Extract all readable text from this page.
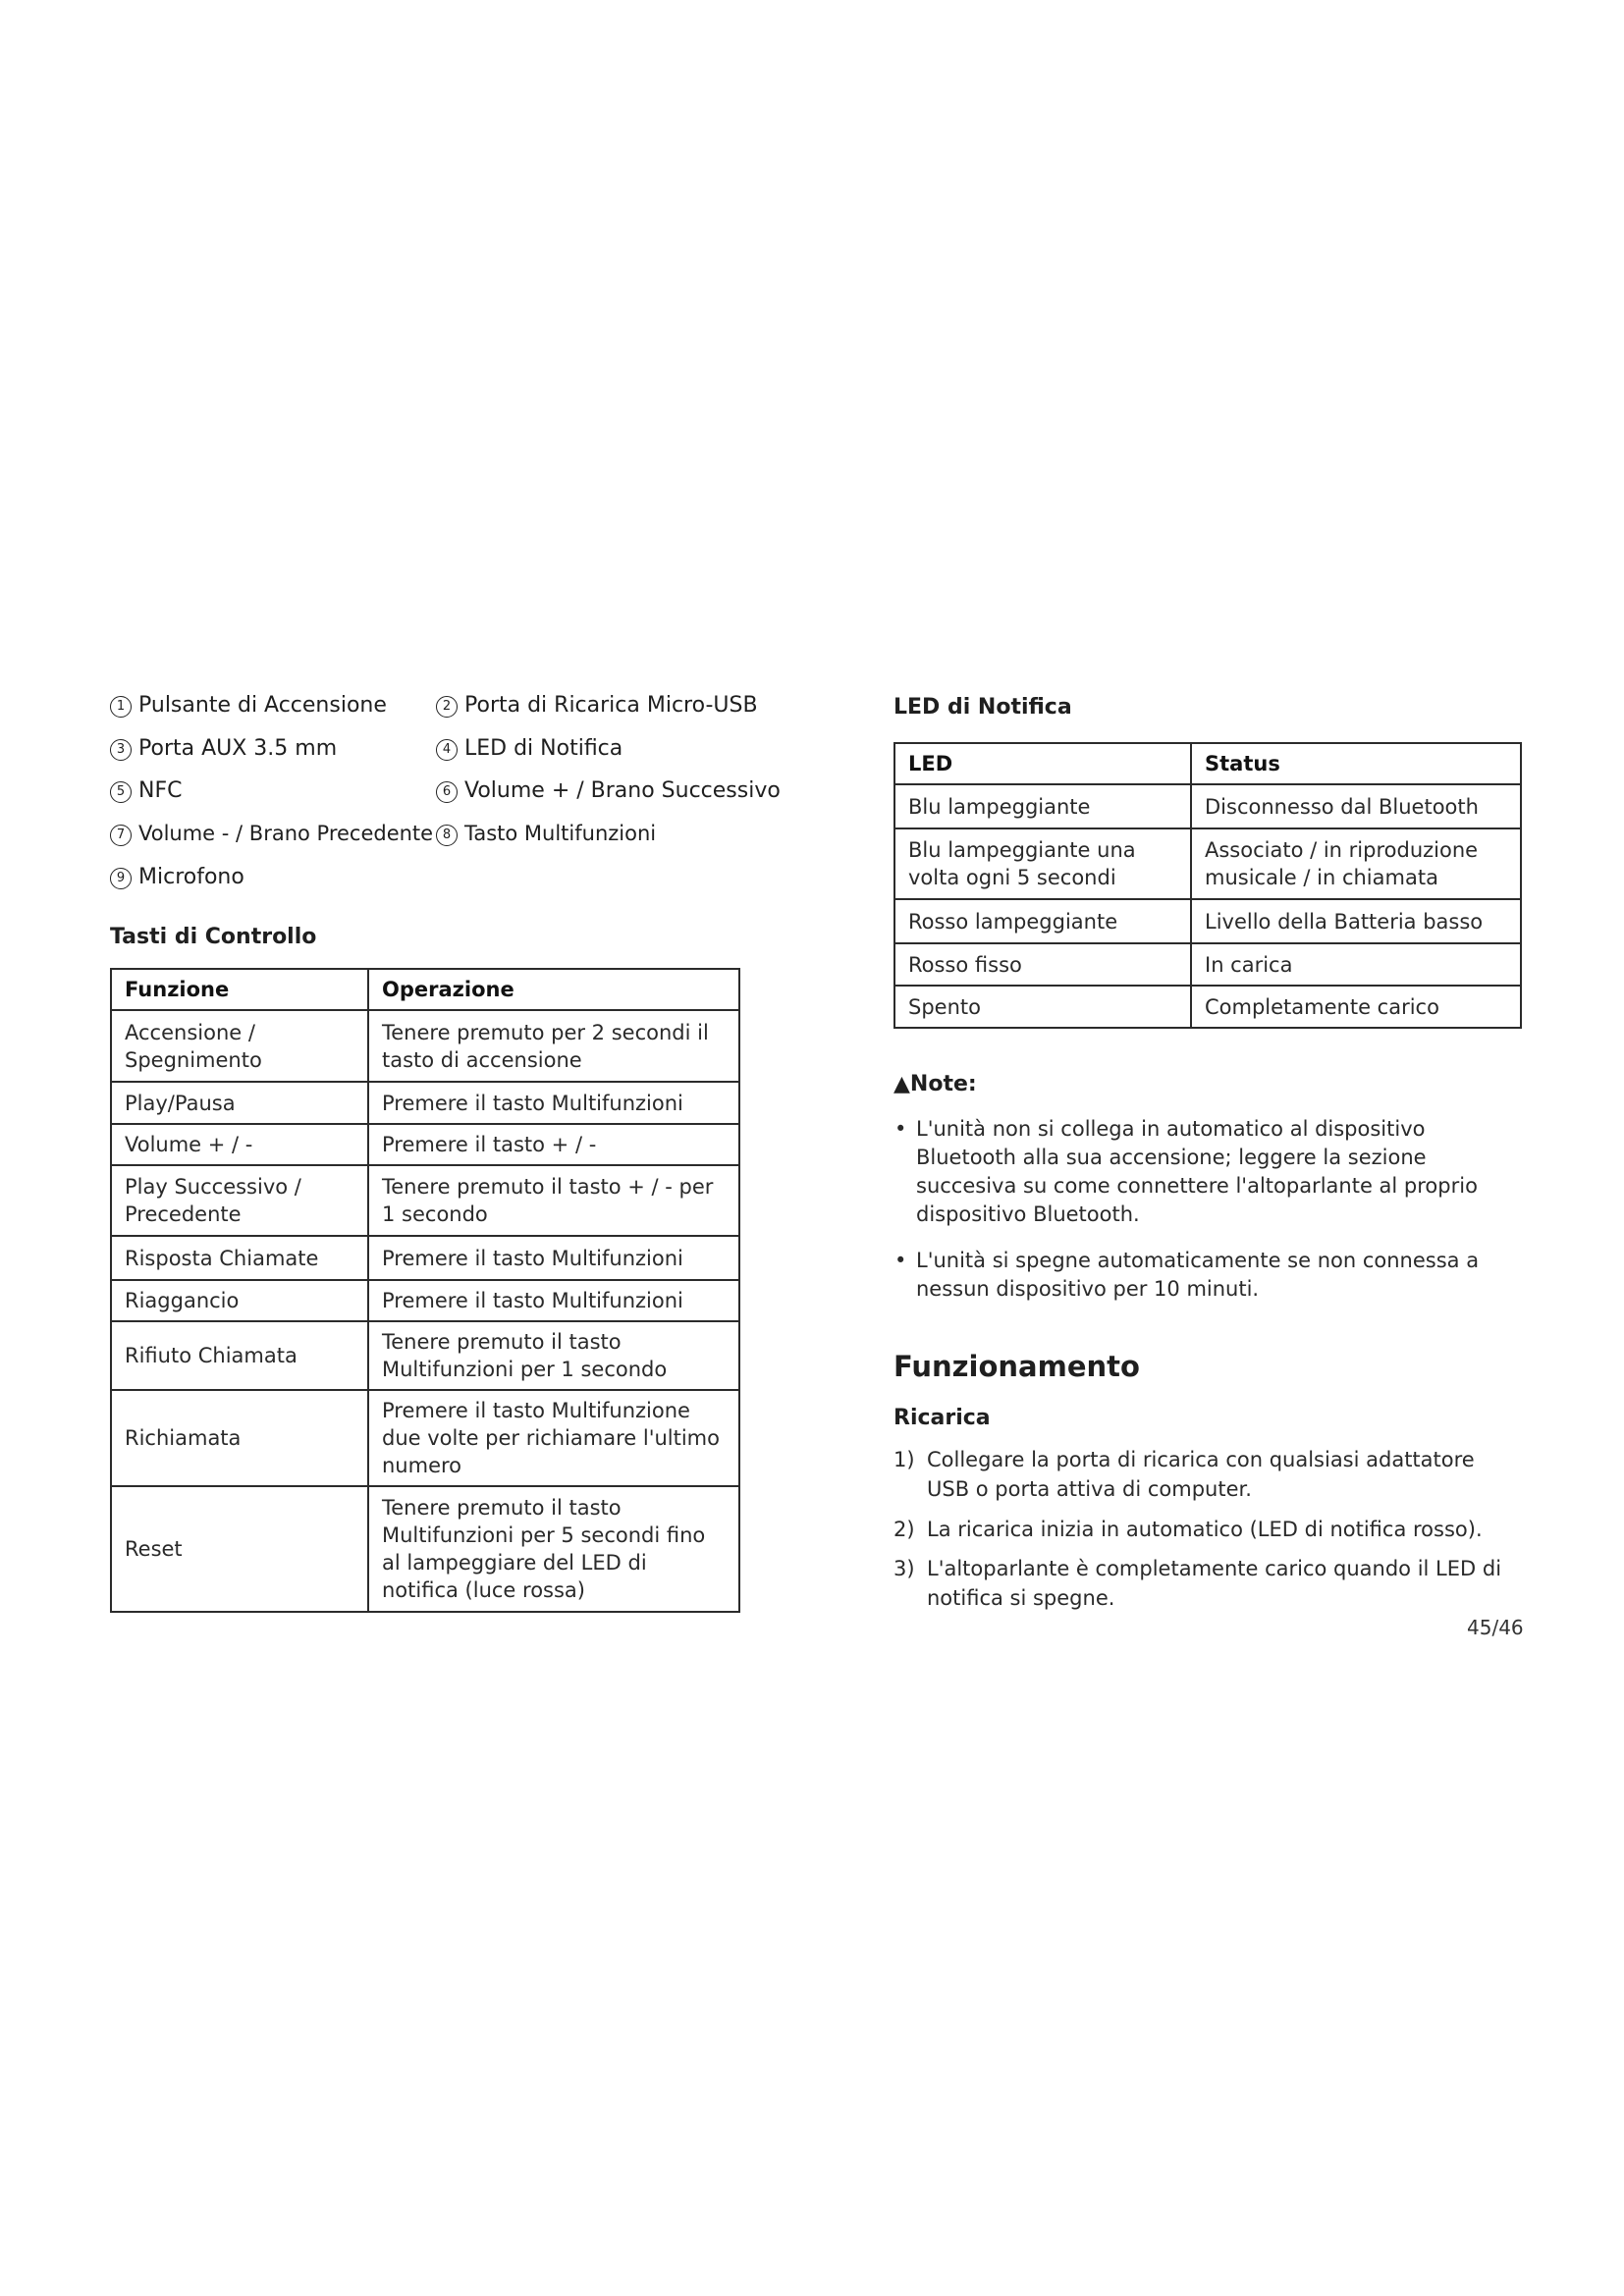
1 Pulsante di Accensione	2 Porta di Ricarica Micro-USB
3 Porta AUX 3.5 mm	4 LED di Notifica
5 NFC	6 Volume + / Brano Successivo
7 Volume - / Brano Precedente 8 Tasto Multifunzioni
9 Microfono
Tasti di Controllo
Funzione	Operazione
Accensione / Spegnimento	Tenere premuto per 2 secondi il tasto di accensione
Play/Pausa	Premere il tasto Multifunzioni
Volume + / -	Premere il tasto + / -
Play Successivo / Precedente	Tenere premuto il tasto + / - per 1 secondo
Risposta Chiamate	Premere il tasto Multifunzioni
Riaggancio	Premere il tasto Multifunzioni
Rifiuto Chiamata	Tenere premuto il tasto Multifunzioni per 1 secondo
Richiamata	Premere il tasto Multifunzione due volte per richiamare l'ultimo numero
Reset	Tenere premuto il tasto Multifunzioni per 5 secondi fino al lampeggiare del LED di notifica (luce rossa)
LED di Notifica
LED	Status
Blu lampeggiante	Disconnesso dal Bluetooth
Blu lampeggiante una volta ogni 5 secondi	Associato / in riproduzione musicale / in chiamata
Rosso lampeggiante	Livello della Batteria basso
Rosso fisso	In carica
Spento	Completamente carico
▲Note:
• L'unità non si collega in automatico al dispositivo Bluetooth alla sua accensione; leggere la sezione succesiva su come connettere l'altoparlante al proprio dispositivo Bluetooth.
• L'unità si spegne automaticamente se non connessa a nessun dispositivo per 10 minuti.
Funzionamento
Ricarica
1) Collegare la porta di ricarica con qualsiasi adattatore USB o porta attiva di computer.
2) La ricarica inizia in automatico (LED di notifica rosso).
3) L'altoparlante è completamente carico quando il LED di notifica si spegne.
45/46
